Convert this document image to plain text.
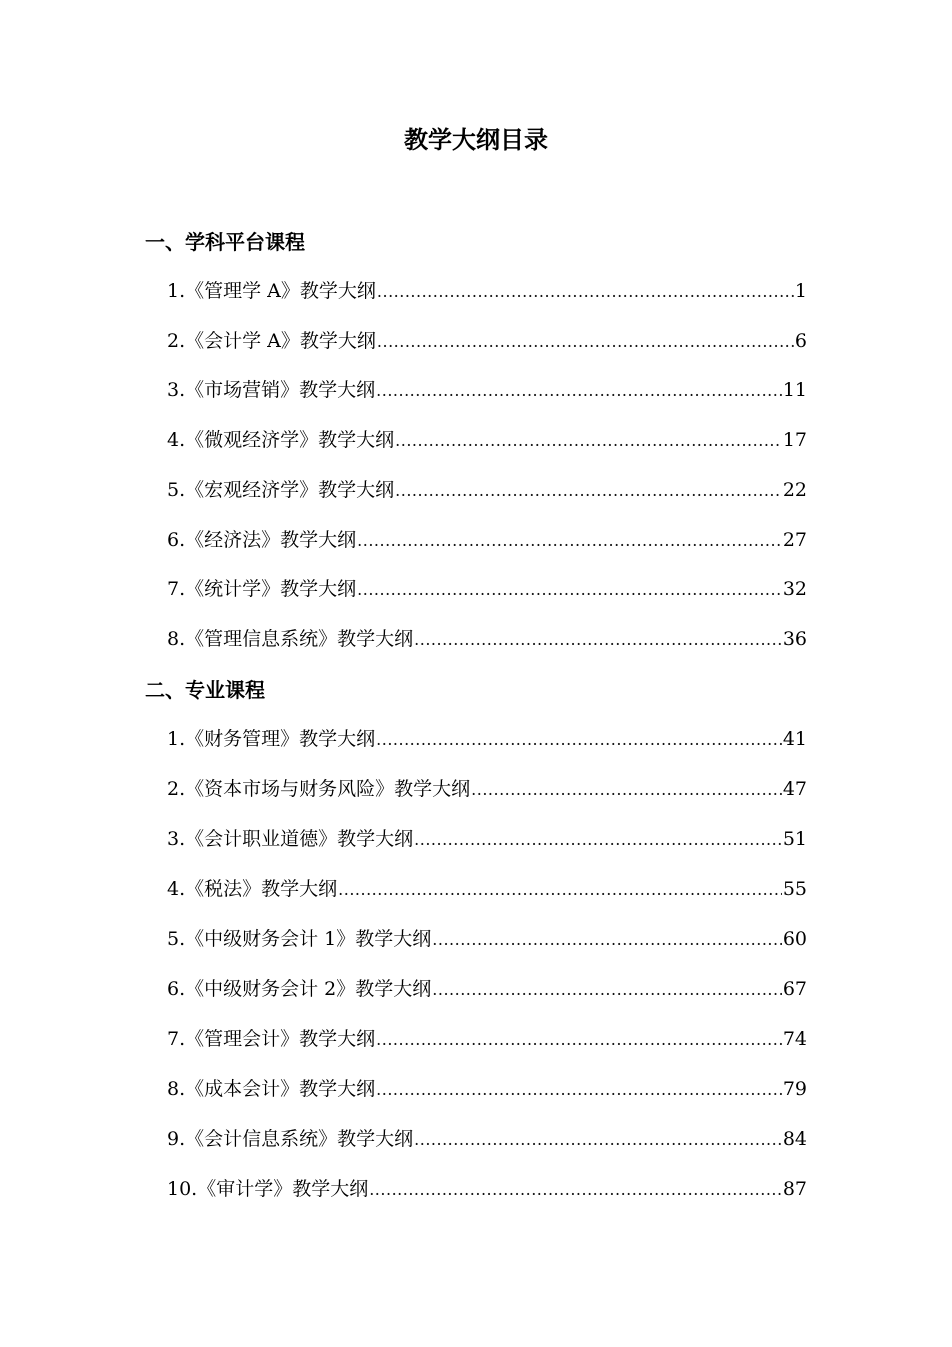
教学大纲目录
一、学科平台课程
1.《管理学 A》教学大纲 .....	1
2.《会计学 A》教学大纲 .....	6
3.《市场营销》教学大纲 .....	11
4.《微观经济学》教学大纲 .....	17
5.《宏观经济学》教学大纲 .....	22
6.《经济法》教学大纲 .....	27
7.《统计学》教学大纲 .....	32
8.《管理信息系统》教学大纲 .....	36
二、专业课程
1.《财务管理》教学大纲 .....	41
2.《资本市场与财务风险》教学大纲 .....	47
3.《会计职业道德》教学大纲 .....	51
4.《税法》教学大纲 .....	55
5.《中级财务会计 1》教学大纲 .....	60
6.《中级财务会计 2》教学大纲 .....	67
7.《管理会计》教学大纲 .....	74
8.《成本会计》教学大纲 .....	79
9.《会计信息系统》教学大纲 .....	84
10.《审计学》教学大纲 .....	87
